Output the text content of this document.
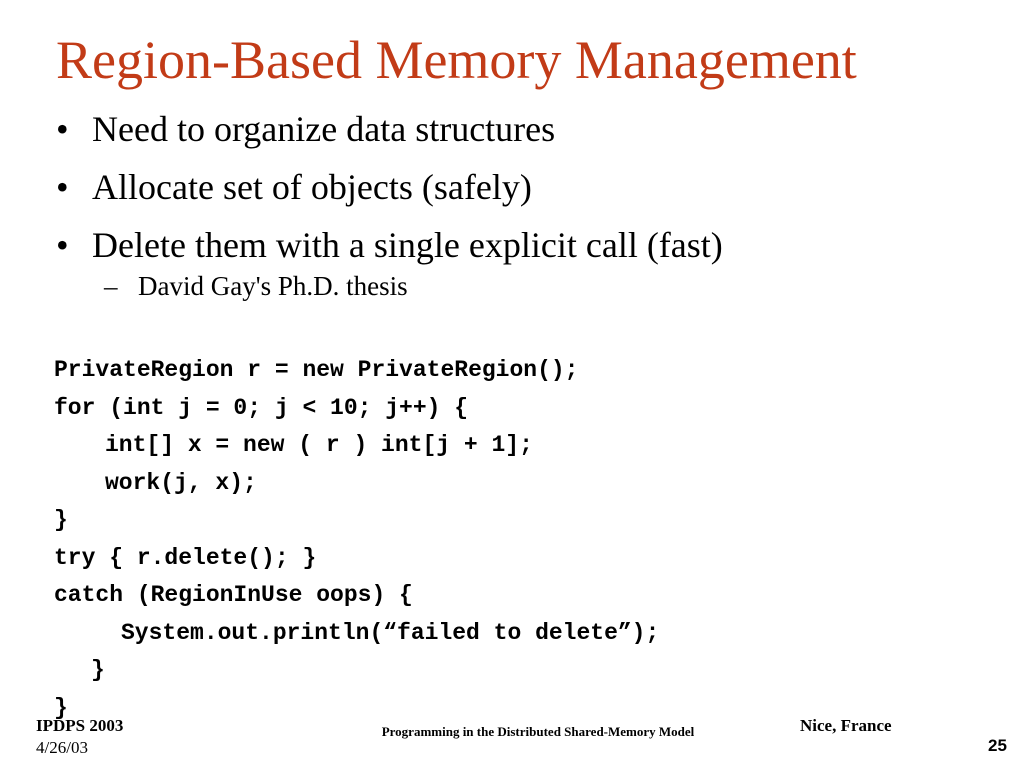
Region-Based Memory Management
• Need to organize data structures
• Allocate set of objects (safely)
• Delete them with a single explicit call (fast)
– David Gay's Ph.D. thesis
PrivateRegion r = new PrivateRegion();
for (int j = 0; j < 10; j++) {
int[] x = new ( r ) int[j + 1];
work(j, x);
}
try { r.delete(); }
catch (RegionInUse oops) {
System.out.println(“failed to delete”);
}
}
IPDPS 2003
4/26/03
Programming in the Distributed Shared-Memory Model	Nice, France
25
